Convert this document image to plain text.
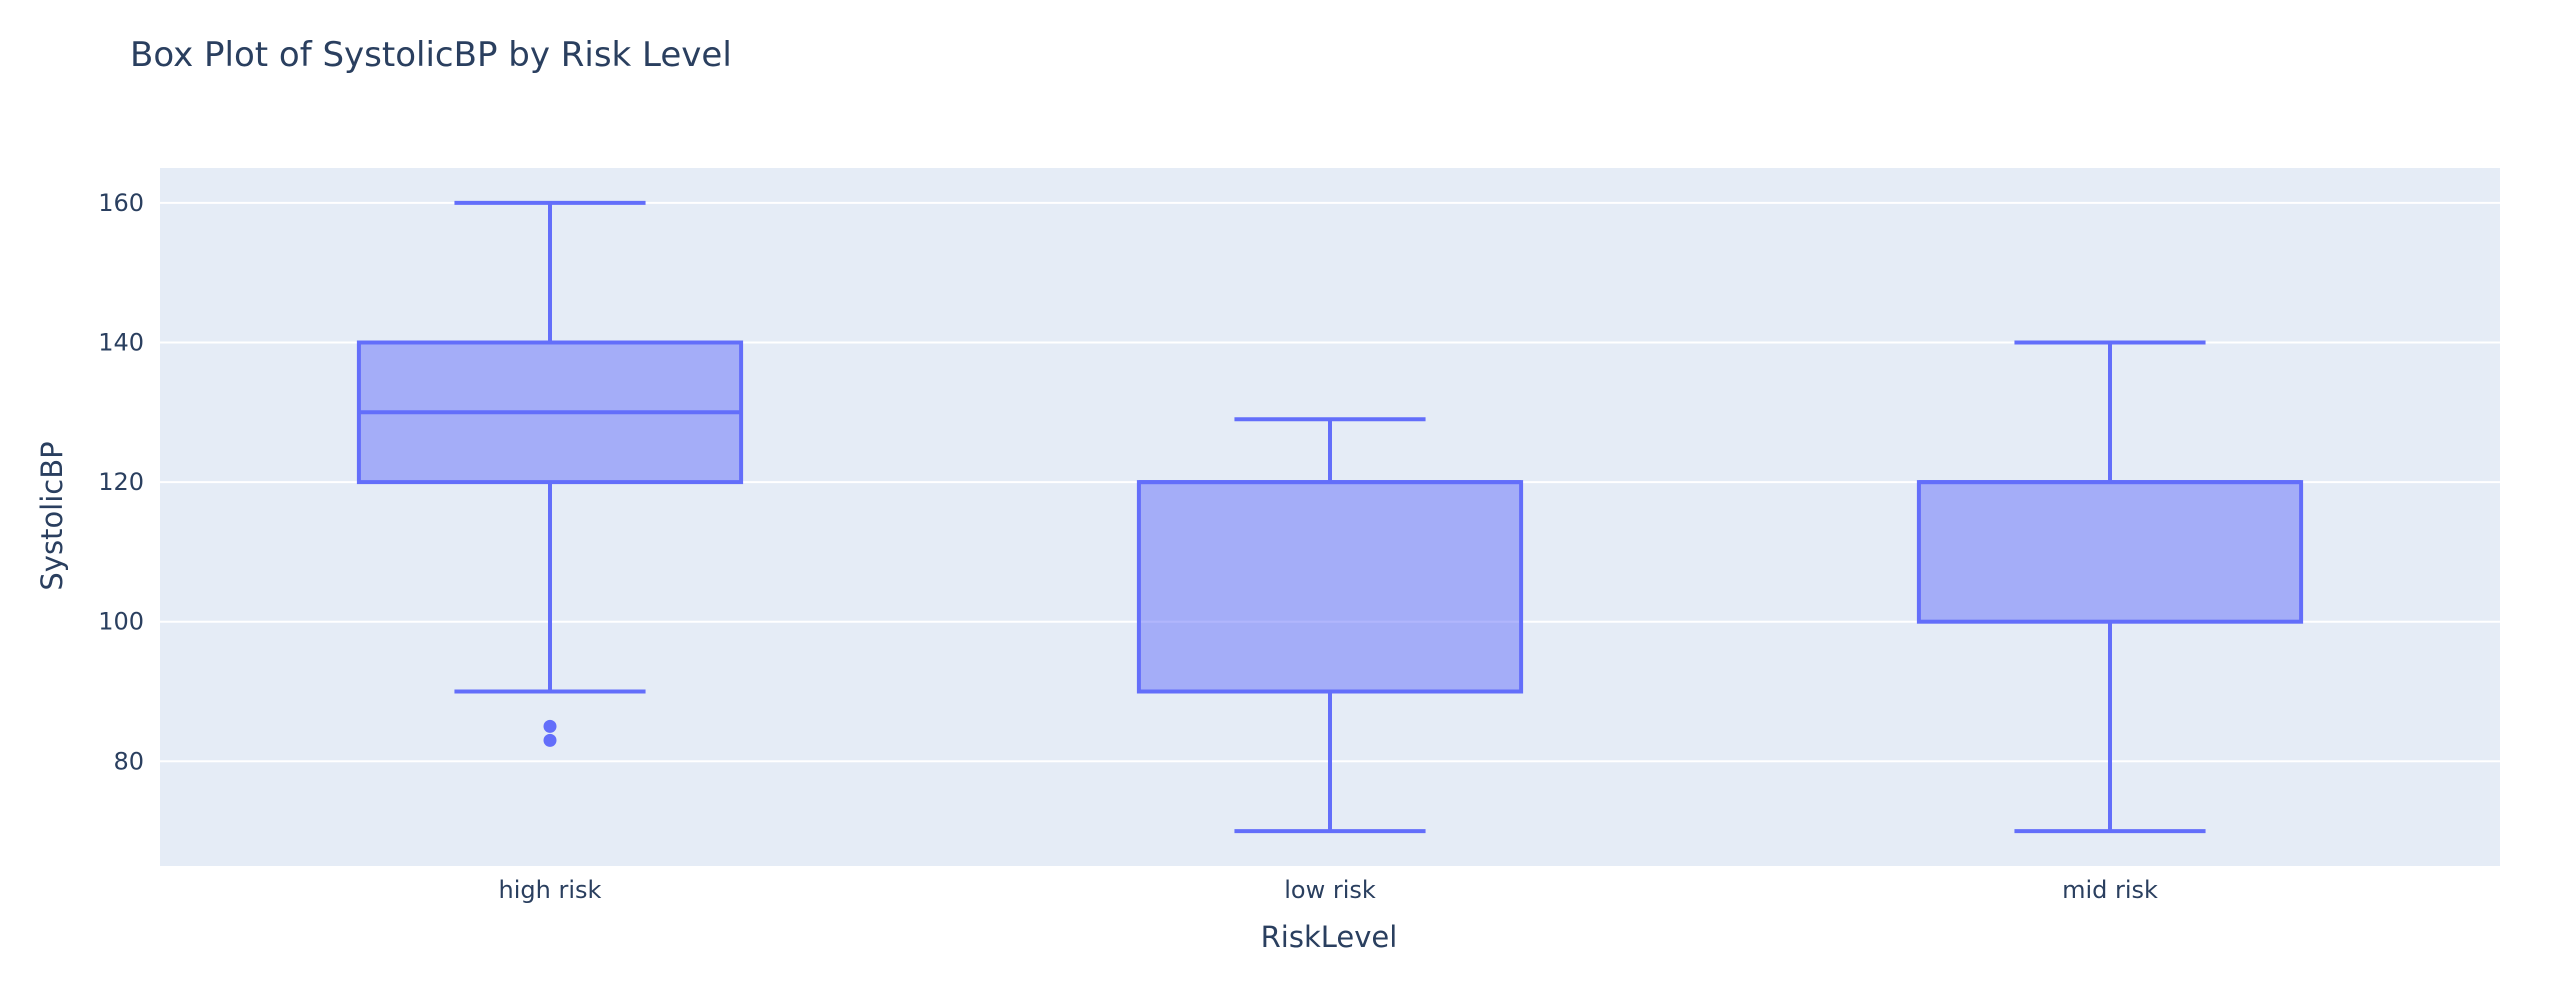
Box Plot of SystolicBP by Risk Level
80
100
120
140
160
high risk	low risk	mid risk
RiskLevel
SystolicBP
